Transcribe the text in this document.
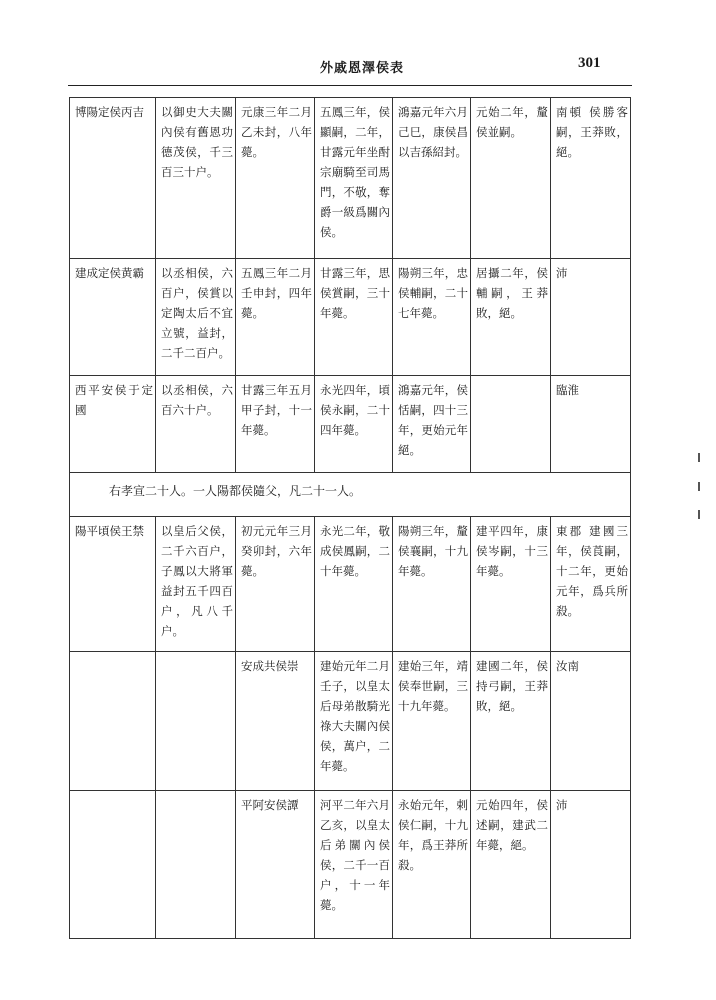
外戚恩澤侯表	301
博陽定侯丙吉	以御史大夫關內侯有舊恩功德茂侯，千三百三十户。	元康三年二月乙未封，八年薨。	五鳳三年，侯顯嗣，二年，甘露元年坐酎宗廟騎至司馬門，不敬，奪爵一級爲關內侯。	鴻嘉元年六月己巳，康侯昌以吉孫紹封。	元始二年，釐侯並嗣。	南頓 侯勝客嗣，王莽敗，絕。
建成定侯黄霸	以丞相侯，六百户，侯賞以定陶太后不宜立號，益封，二千二百户。	五鳳三年二月壬申封，四年薨。	甘露三年，思侯賞嗣，三十年薨。	陽朔三年，忠侯輔嗣，二十七年薨。	居攝二年，侯輔嗣，王莽敗，絕。	沛
西平安侯于定國	以丞相侯，六百六十户。	甘露三年五月甲子封，十一年薨。	永光四年，頃侯永嗣，二十四年薨。	鴻嘉元年，侯恬嗣，四十三年，更始元年絕。		臨淮
右孝宣二十人。一人陽都侯隨父，凡二十一人。						
陽平頃侯王禁	以皇后父侯，二千六百户，子鳳以大將軍益封五千四百户，凡八千户。	初元元年三月癸卯封，六年薨。	永光二年，敬成侯鳳嗣，二十年薨。	陽朔三年，釐侯襄嗣，十九年薨。	建平四年，康侯岑嗣，十三年薨。	東郡 建國三年，侯莨嗣，十二年，更始元年，爲兵所殺。
		安成共侯崇	建始元年二月壬子，以皇太后母弟散騎光祿大夫關內侯侯，萬户，二年薨。	建始三年，靖侯奉世嗣，三十九年薨。	建國二年，侯持弓嗣，王莽敗，絕。	汝南
		平阿安侯譚	河平二年六月乙亥，以皇太后弟關內侯侯，二千一百户，十一年薨。	永始元年，剌侯仁嗣，十九年，爲王莽所殺。	元始四年，侯述嗣，建武二年薨，絕。	沛
